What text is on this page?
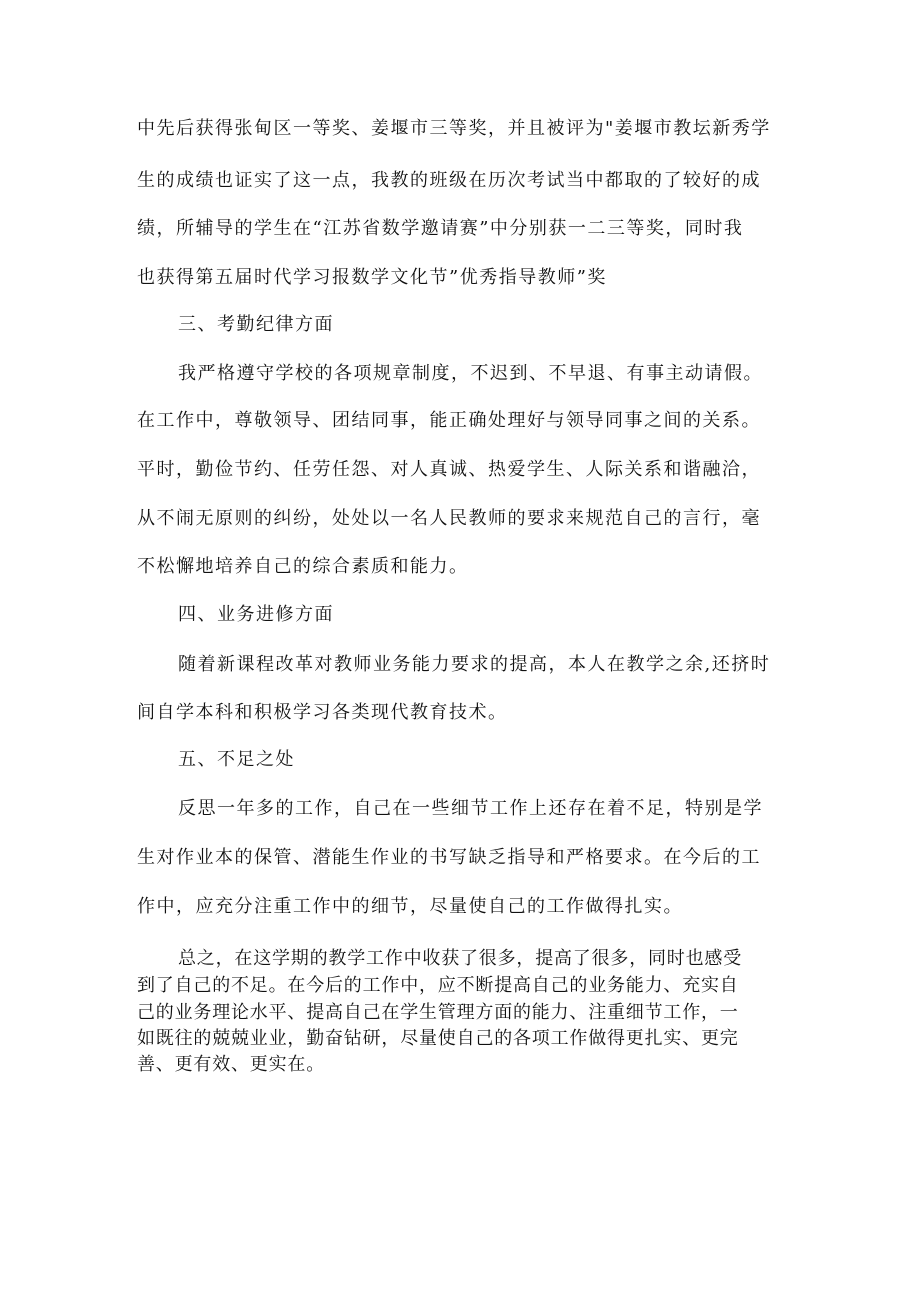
中先后获得张甸区一等奖、姜堰市三等奖，并且被评为"姜堰市教坛新秀学
生的成绩也证实了这一点，我教的班级在历次考试当中都取的了较好的成
绩，所辅导的学生在“江苏省数学邀请赛”中分别获一二三等奖，同时我
也获得第五届时代学习报数学文化节”优秀指导教师”奖
三、考勤纪律方面
我严格遵守学校的各项规章制度，不迟到、不早退、有事主动请假。
在工作中，尊敬领导、团结同事，能正确处理好与领导同事之间的关系。
平时，勤俭节约、任劳任怨、对人真诚、热爱学生、人际关系和谐融洽，
从不闹无原则的纠纷，处处以一名人民教师的要求来规范自己的言行，毫
不松懈地培养自己的综合素质和能力。
四、业务进修方面
随着新课程改革对教师业务能力要求的提高，本人在教学之余,还挤时
间自学本科和积极学习各类现代教育技术。
五、不足之处
反思一年多的工作，自己在一些细节工作上还存在着不足，特别是学
生对作业本的保管、潜能生作业的书写缺乏指导和严格要求。在今后的工
作中，应充分注重工作中的细节，尽量使自己的工作做得扎实。
总之，在这学期的教学工作中收获了很多，提高了很多，同时也感受
到了自己的不足。在今后的工作中，应不断提高自己的业务能力、充实自
己的业务理论水平、提高自己在学生管理方面的能力、注重细节工作，一
如既往的兢兢业业，勤奋钻研，尽量使自己的各项工作做得更扎实、更完
善、更有效、更实在。
